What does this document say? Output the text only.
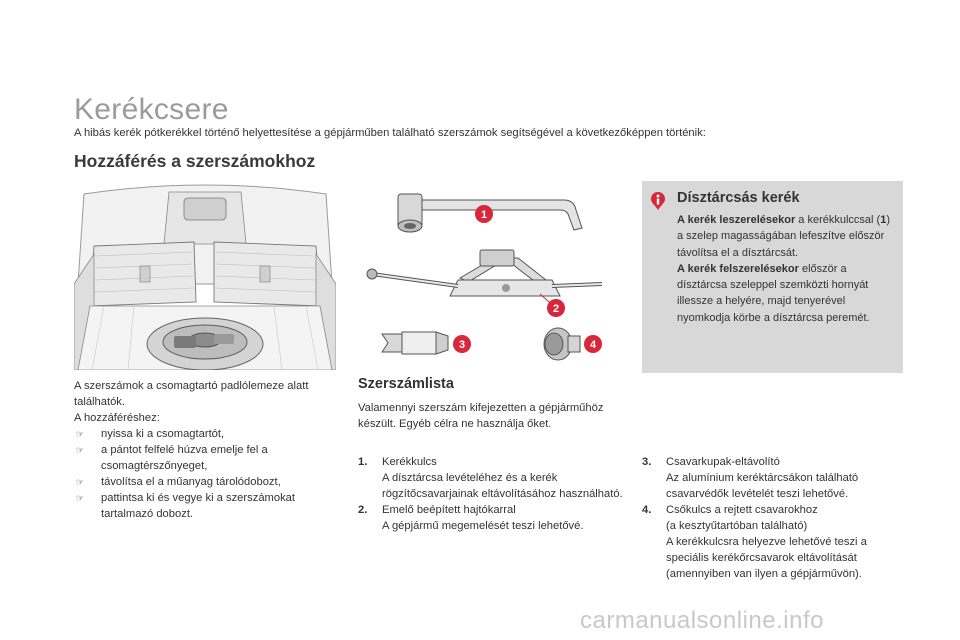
Kerékcsere
A hibás kerék pótkerékkel történő helyettesítése a gépjárműben található szerszámok segítségével a következőképpen történik:
Hozzáférés a szerszámokhoz
A szerszámok a csomagtartó padlólemeze alatt találhatók.
A hozzáféréshez:
☞	nyissa ki a csomagtartót,
☞	a pántot felfelé húzva emelje fel a csomagtérszőnyeget,
☞	távolítsa el a műanyag tárolódobozt,
☞	pattintsa ki és vegye ki a szerszámokat tartalmazó dobozt.
1
2
3	4
Dísztárcsás kerék
A kerék leszerelésekor a kerékkulccsal (1) a szelep magasságában lefeszítve először távolítsa el a dísztárcsát.
A kerék felszerelésekor először a dísztárcsa szeleppel szemközti hornyát illessze a helyére, majd tenyerével nyomkodja körbe a dísztárcsa peremét.
Szerszámlista
Valamennyi szerszám kifejezetten a gépjárműhöz készült. Egyéb célra ne használja őket.
1.	Kerékkulcs
A dísztárcsa levételéhez és a kerék rögzítőcsavarjainak eltávolításához használható.
2.	Emelő beépített hajtókarral
A gépjármű megemelését teszi lehetővé.
3.	Csavarkupak-eltávolító
Az alumínium keréktárcsákon található csavarvédők levételét teszi lehetővé.
4.	Csőkulcs a rejtett csavarokhoz
(a kesztyűtartóban található)
A kerékkulcsra helyezve lehetővé teszi a speciális kerékőrcsavarok eltávolítását (amennyiben van ilyen a gépjárművön).
carmanualsonline.info
